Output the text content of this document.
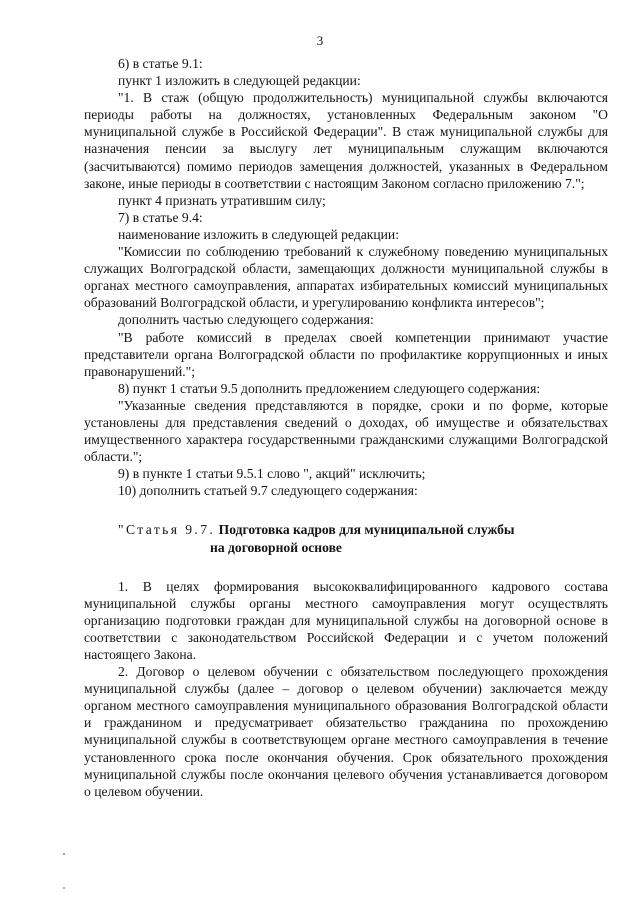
3

6) в статье 9.1:

пункт 1 изложить в следующей редакции:

"1. В стаж (общую продолжительность) муниципальной службы включаются периоды работы на должностях, установленных Федеральным законом "О муниципальной службе в Российской Федерации". В стаж муниципальной службы для назначения пенсии за выслугу лет муниципальным служащим включаются (засчитываются) помимо периодов замещения должностей, указанных в Федеральном законе, иные периоды в соответствии с настоящим Законом согласно приложению 7.";

пункт 4 признать утратившим силу;

7) в статье 9.4:

наименование изложить в следующей редакции:

"Комиссии по соблюдению требований к служебному поведению муниципальных служащих Волгоградской области, замещающих должности муниципальной службы в органах местного самоуправления, аппаратах избирательных комиссий муниципальных образований Волгоградской области, и урегулированию конфликта интересов";

дополнить частью следующего содержания:

"В работе комиссий в пределах своей компетенции принимают участие представители органа Волгоградской области по профилактике коррупционных и иных правонарушений.";

8) пункт 1 статьи 9.5 дополнить предложением следующего содержания:

"Указанные сведения представляются в порядке, сроки и по форме, которые установлены для представления сведений о доходах, об имуществе и обязательствах имущественного характера государственными гражданскими служащими Волгоградской области.";

9) в пункте 1 статьи 9.5.1 слово ", акций" исключить;

10) дополнить статьей 9.7 следующего содержания:

"Статья 9.7. Подготовка кадров для муниципальной службы

на договорной основе

1. В целях формирования высококвалифицированного кадрового состава муниципальной службы органы местного самоуправления могут осуществлять организацию подготовки граждан для муниципальной службы на договорной основе в соответствии с законодательством Российской Федерации и с учетом положений настоящего Закона.

2. Договор о целевом обучении с обязательством последующего прохождения муниципальной службы (далее – договор о целевом обучении) заключается между органом местного самоуправления муниципального образования Волгоградской области и гражданином и предусматривает обязательство гражданина по прохождению муниципальной службы в соответствующем органе местного самоуправления в течение установленного срока после окончания обучения. Срок обязательного прохождения муниципальной службы после окончания целевого обучения устанавливается договором о целевом обучении.
